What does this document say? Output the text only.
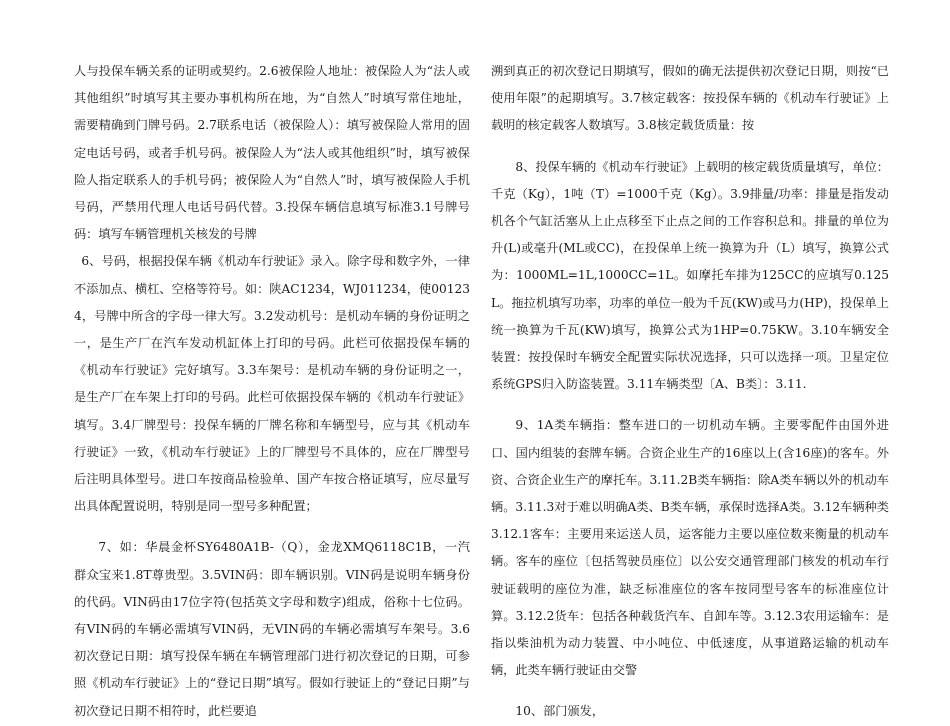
人与投保车辆关系的证明或契约。2.6被保险人地址：被保险人为“法人或其他组织”时填写其主要办事机构所在地，为“自然人”时填写常住地址，需要精确到门牌号码。2.7联系电话（被保险人）：填写被保险人常用的固定电话号码，或者手机号码。被保险人为“法人或其他组织”时，填写被保险人指定联系人的手机号码；被保险人为“自然人”时，填写被保险人手机号码，严禁用代理人电话号码代替。3.投保车辆信息填写标准3.1号牌号码：填写车辆管理机关核发的号牌

6、号码，根据投保车辆《机动车行驶证》录入。除字母和数字外，一律不添加点、横杠、空格等符号。如：陕AC1234，WJ011234，使001234，号牌中所含的字母一律大写。3.2发动机号：是机动车辆的身份证明之一，是生产厂在汽车发动机缸体上打印的号码。此栏可依据投保车辆的《机动车行驶证》完好填写。3.3车架号：是机动车辆的身份证明之一，是生产厂在车架上打印的号码。此栏可依据投保车辆的《机动车行驶证》填写。3.4厂牌型号：投保车辆的厂牌名称和车辆型号，应与其《机动车行驶证》一致，《机动车行驶证》上的厂牌型号不具体的，应在厂牌型号后注明具体型号。进口车按商品检验单、国产车按合格证填写，应尽量写出具体配置说明，特别是同一型号多种配置；

7、如：华晨金杯SY6480A1B-（Q），金龙XMQ6118C1B，一汽群众宝来1.8T尊贵型。3.5VIN码：即车辆识别。VIN码是说明车辆身份的代码。VIN码由17位字符(包括英文字母和数字)组成，俗称十七位码。有VIN码的车辆必需填写VIN码，无VIN码的车辆必需填写车架号。3.6初次登记日期：填写投保车辆在车辆管理部门进行初次登记的日期，可参照《机动车行驶证》上的“登记日期”填写。假如行驶证上的“登记日期”与初次登记日期不相符时，此栏要追

溯到真正的初次登记日期填写，假如的确无法提供初次登记日期，则按“已使用年限”的起期填写。3.7核定载客：按投保车辆的《机动车行驶证》上载明的核定载客人数填写。3.8核定载货质量：按

8、投保车辆的《机动车行驶证》上载明的核定载货质量填写，单位：千克（Kg），1吨（T）=1000千克（Kg）。3.9排量/功率：排量是指发动机各个气缸活塞从上止点移至下止点之间的工作容积总和。排量的单位为升(L)或毫升(ML或CC)，在投保单上统一换算为升（L）填写，换算公式为：1000ML=1L,1000CC=1L。如摩托车排为125CC的应填写0.125L。拖拉机填写功率，功率的单位一般为千瓦(KW)或马力(HP)，投保单上统一换算为千瓦(KW)填写，换算公式为1HP=0.75KW。3.10车辆安全装置：按投保时车辆安全配置实际状况选择，只可以选择一项。卫星定位系统GPS归入防盗装置。3.11车辆类型〔A、B类〕：3.11.

9、1A类车辆指：整车进口的一切机动车辆。主要零配件由国外进口、国内组装的套牌车辆。合资企业生产的16座以上(含16座)的客车。外资、合资企业生产的摩托车。3.11.2B类车辆指：除A类车辆以外的机动车辆。3.11.3对于难以明确A类、B类车辆，承保时选择A类。3.12车辆种类3.12.1客车：主要用来运送人员，运客能力主要以座位数来衡量的机动车辆。客车的座位〔包括驾驶员座位〕以公安交通管理部门核发的机动车行驶证载明的座位为准，缺乏标准座位的客车按同型号客车的标准座位计算。3.12.2货车：包括各种载货汽车、自卸车等。3.12.3农用运输车：是指以柴油机为动力装置、中小吨位、中低速度，从事道路运输的机动车辆，此类车辆行驶证由交警

10、部门颁发，
